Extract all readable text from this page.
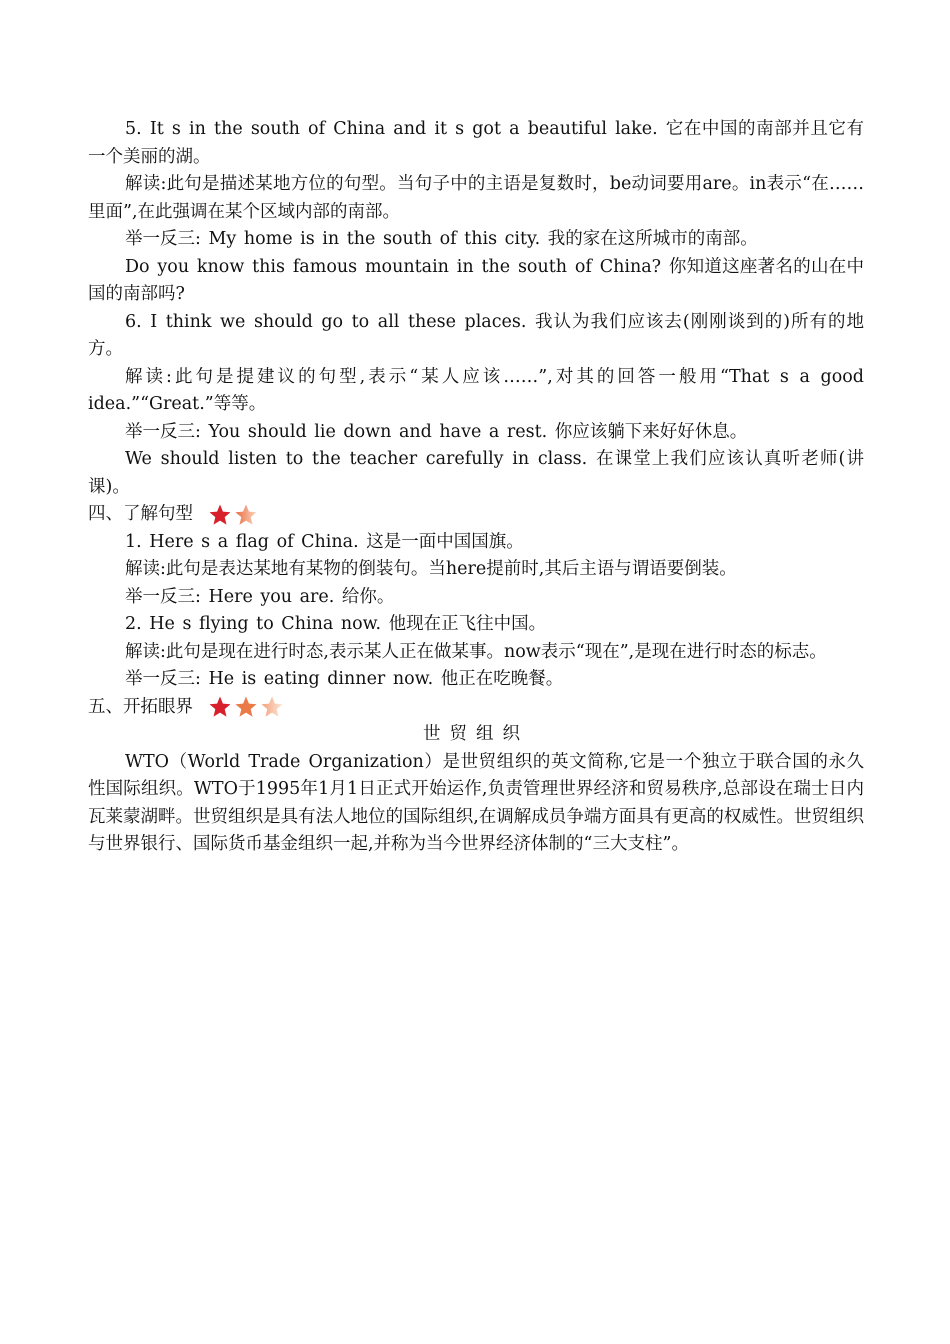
5. It s in the south of China and it s got a beautiful lake. 它在中国的南部并且它有一个美丽的湖。

解读:此句是描述某地方位的句型。当句子中的主语是复数时，be动词要用are。in表示“在……里面”,在此强调在某个区域内部的南部。

举一反三: My home is in the south of this city. 我的家在这所城市的南部。

Do you know this famous mountain in the south of China? 你知道这座著名的山在中国的南部吗?

6. I think we should go to all these places. 我认为我们应该去(刚刚谈到的)所有的地方。

解读:此句是提建议的句型,表示“某人应该……”,对其的回答一般用“That s a good idea.”“Great.”等等。

举一反三: You should lie down and have a rest. 你应该躺下来好好休息。

We should listen to the teacher carefully in class. 在课堂上我们应该认真听老师(讲课)。

四、了解句型

1. Here s a flag of China. 这是一面中国国旗。

解读:此句是表达某地有某物的倒装句。当here提前时,其后主语与谓语要倒装。

举一反三: Here you are. 给你。

2. He s flying to China now. 他现在正飞往中国。

解读:此句是现在进行时态,表示某人正在做某事。now表示“现在”,是现在进行时态的标志。

举一反三: He is eating dinner now. 他正在吃晚餐。

五、开拓眼界

世贸组织

WTO（World Trade Organization）是世贸组织的英文简称,它是一个独立于联合国的永久性国际组织。WTO于1995年1月1日正式开始运作,负责管理世界经济和贸易秩序,总部设在瑞士日内瓦莱蒙湖畔。世贸组织是具有法人地位的国际组织,在调解成员争端方面具有更高的权威性。世贸组织与世界银行、国际货币基金组织一起,并称为当今世界经济体制的“三大支柱”。
